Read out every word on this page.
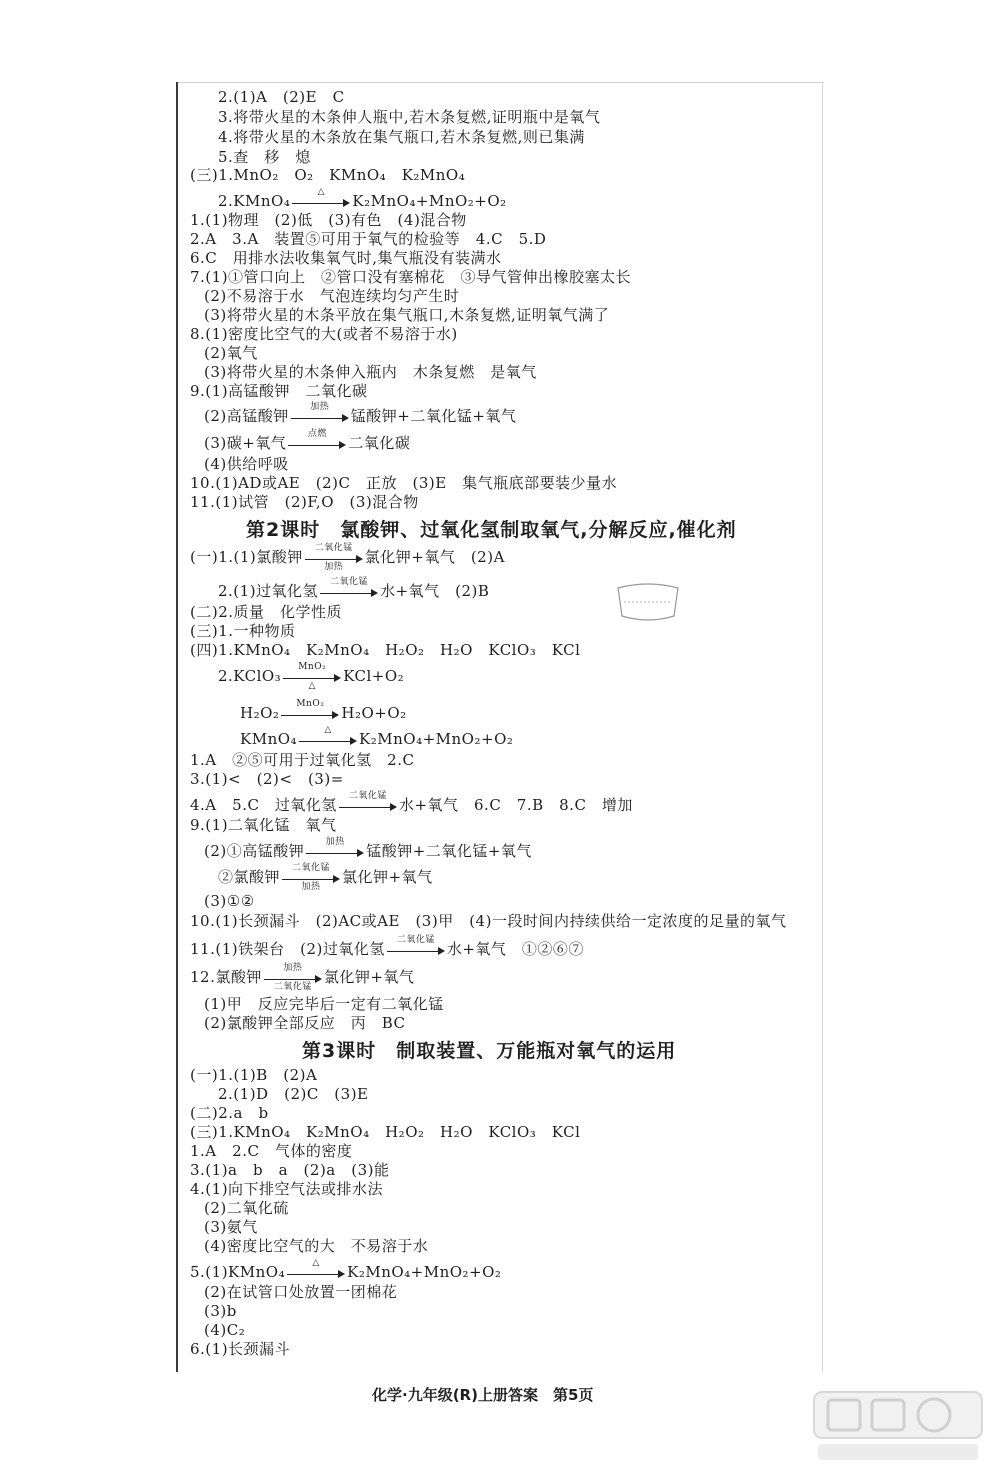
2.(1)A　(2)E　C
3.将带火星的木条伸人瓶中,若木条复燃,证明瓶中是氧气
4.将带火星的木条放在集气瓶口,若木条复燃,则已集满
5.查　移　熄
(三)1.MnO₂　O₂　KMnO₄　K₂MnO₄
2.KMnO₄	△	K₂MnO₄+MnO₂+O₂
1.(1)物理　(2)低　(3)有色　(4)混合物
2.A　3.A　装置⑤可用于氧气的检验等　4.C　5.D
6.C　用排水法收集氧气时,集气瓶没有装满水
7.(1)①管口向上　②管口没有塞棉花　③导气管伸出橡胶塞太长
(2)不易溶于水　气泡连续均匀产生时
(3)将带火星的木条平放在集气瓶口,木条复燃,证明氧气满了
8.(1)密度比空气的大(或者不易溶于水)
(2)氧气
(3)将带火星的木条伸入瓶内　木条复燃　是氧气
9.(1)高锰酸钾　二氧化碳
(2)高锰酸钾	加热	锰酸钾+二氧化锰+氧气
(3)碳+氧气	点燃	二氧化碳
(4)供给呼吸
10.(1)AD或AE　(2)C　正放　(3)E　集气瓶底部要装少量水
11.(1)试管　(2)F,O　(3)混合物
第2课时　氯酸钾、过氧化氢制取氧气,分解反应,催化剂
(一)1.(1)氯酸钾	二氧化锰
加热
氯化钾+氧气　(2)A
2.(1)过氧化氢	二氧化锰 水+氧气　(2)B
(二)2.质量　化学性质
(三)1.一种物质
(四)1.KMnO₄　K₂MnO₄　H₂O₂　H₂O　KClO₃　KCl
2.KClO₃	MnO₂
△
KCl+O₂
H₂O₂	MnO₂	H₂O+O₂
KMnO₄	△	K₂MnO₄+MnO₂+O₂
1.A　②⑤可用于过氧化氢　2.C
3.(1)<　(2)<　(3)=
4.A　5.C　过氧化氢	二氧化锰 水+氧气　6.C　7.B　8.C　增加
9.(1)二氧化锰　氧气
(2)①高锰酸钾	加热	锰酸钾+二氧化锰+氧气
②氯酸钾	二氧化锰
加热
氯化钾+氧气
(3)①②
10.(1)长颈漏斗　(2)AC或AE　(3)甲　(4)一段时间内持续供给一定浓度的足量的氧气
11.(1)铁架台　(2)过氧化氢	二氧化锰 水+氧气　①②⑥⑦
12.氯酸钾	加热
二氧化锰
氯化钾+氧气
(1)甲　反应完毕后一定有二氧化锰
(2)氯酸钾全部反应　丙　BC
第3课时　制取装置、万能瓶对氧气的运用
(一)1.(1)B　(2)A
2.(1)D　(2)C　(3)E
(二)2.a　b
(三)1.KMnO₄　K₂MnO₄　H₂O₂　H₂O　KClO₃　KCl
1.A　2.C　气体的密度
3.(1)a　b　a　(2)a　(3)能
4.(1)向下排空气法或排水法
(2)二氧化硫
(3)氨气
(4)密度比空气的大　不易溶于水
5.(1)KMnO₄	△	K₂MnO₄+MnO₂+O₂
(2)在试管口处放置一团棉花
(3)b
(4)C₂
6.(1)长颈漏斗
化学·九年级(R)上册答案　第5页
